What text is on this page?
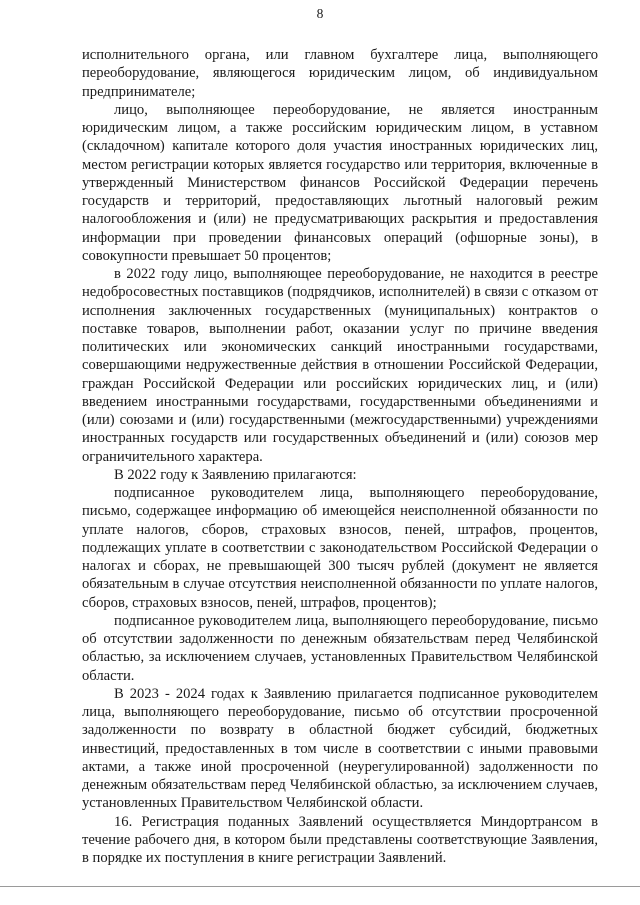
8

исполнительного органа, или главном бухгалтере лица, выполняющего переоборудование, являющегося юридическим лицом, об индивидуальном предпринимателе;

лицо, выполняющее переоборудование, не является иностранным юридическим лицом, а также российским юридическим лицом, в уставном (складочном) капитале которого доля участия иностранных юридических лиц, местом регистрации которых является государство или территория, включенные в утвержденный Министерством финансов Российской Федерации перечень государств и территорий, предоставляющих льготный налоговый режим налогообложения и (или) не предусматривающих раскрытия и предоставления информации при проведении финансовых операций (офшорные зоны), в совокупности превышает 50 процентов;

в 2022 году лицо, выполняющее переоборудование, не находится в реестре недобросовестных поставщиков (подрядчиков, исполнителей) в связи с отказом от исполнения заключенных государственных (муниципальных) контрактов о поставке товаров, выполнении работ, оказании услуг по причине введения политических или экономических санкций иностранными государствами, совершающими недружественные действия в отношении Российской Федерации, граждан Российской Федерации или российских юридических лиц, и (или) введением иностранными государствами, государственными объединениями и (или) союзами и (или) государственными (межгосударственными) учреждениями иностранных государств или государственных объединений и (или) союзов мер ограничительного характера.

В 2022 году к Заявлению прилагаются:

подписанное руководителем лица, выполняющего переоборудование, письмо, содержащее информацию об имеющейся неисполненной обязанности по уплате налогов, сборов, страховых взносов, пеней, штрафов, процентов, подлежащих уплате в соответствии с законодательством Российской Федерации о налогах и сборах, не превышающей 300 тысяч рублей (документ не является обязательным в случае отсутствия неисполненной обязанности по уплате налогов, сборов, страховых взносов, пеней, штрафов, процентов);

подписанное руководителем лица, выполняющего переоборудование, письмо об отсутствии задолженности по денежным обязательствам перед Челябинской областью, за исключением случаев, установленных Правительством Челябинской области.

В 2023 - 2024 годах к Заявлению прилагается подписанное руководителем лица, выполняющего переоборудование, письмо об отсутствии просроченной задолженности по возврату в областной бюджет субсидий, бюджетных инвестиций, предоставленных в том числе в соответствии с иными правовыми актами, а также иной просроченной (неурегулированной) задолженности по денежным обязательствам перед Челябинской областью, за исключением случаев, установленных Правительством Челябинской области.

16. Регистрация поданных Заявлений осуществляется Миндортрансом в течение рабочего дня, в котором были представлены соответствующие Заявления, в порядке их поступления в книге регистрации Заявлений.
